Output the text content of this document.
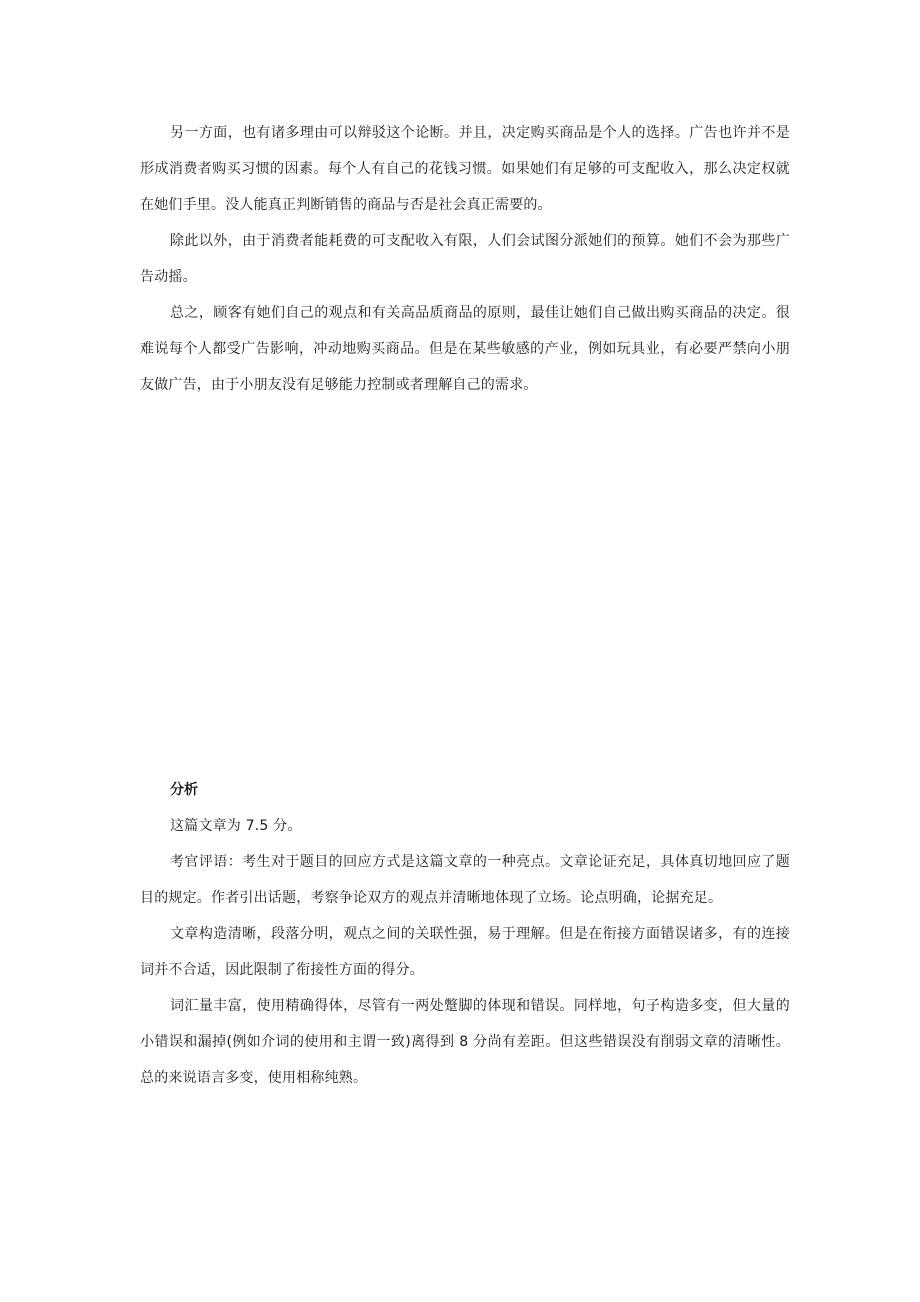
另一方面，也有诸多理由可以辩驳这个论断。并且，决定购买商品是个人的选择。广告也许并不是形成消费者购买习惯的因素。每个人有自己的花钱习惯。如果她们有足够的可支配收入，那么决定权就在她们手里。没人能真正判断销售的商品与否是社会真正需要的。

除此以外，由于消费者能耗费的可支配收入有限，人们会试图分派她们的预算。她们不会为那些广告动摇。

总之，顾客有她们自己的观点和有关高品质商品的原则，最佳让她们自己做出购买商品的决定。很难说每个人都受广告影响，冲动地购买商品。但是在某些敏感的产业，例如玩具业，有必要严禁向小朋友做广告，由于小朋友没有足够能力控制或者理解自己的需求。

分析

这篇文章为 7.5 分。

考官评语：考生对于题目的回应方式是这篇文章的一种亮点。文章论证充足，具体真切地回应了题目的规定。作者引出话题，考察争论双方的观点并清晰地体现了立场。论点明确，论据充足。

文章构造清晰，段落分明，观点之间的关联性强，易于理解。但是在衔接方面错误诸多，有的连接词并不合适，因此限制了衔接性方面的得分。

词汇量丰富，使用精确得体，尽管有一两处蹩脚的体现和错误。同样地，句子构造多变，但大量的小错误和漏掉(例如介词的使用和主谓一致)离得到 8 分尚有差距。但这些错误没有削弱文章的清晰性。总的来说语言多变，使用相称纯熟。
